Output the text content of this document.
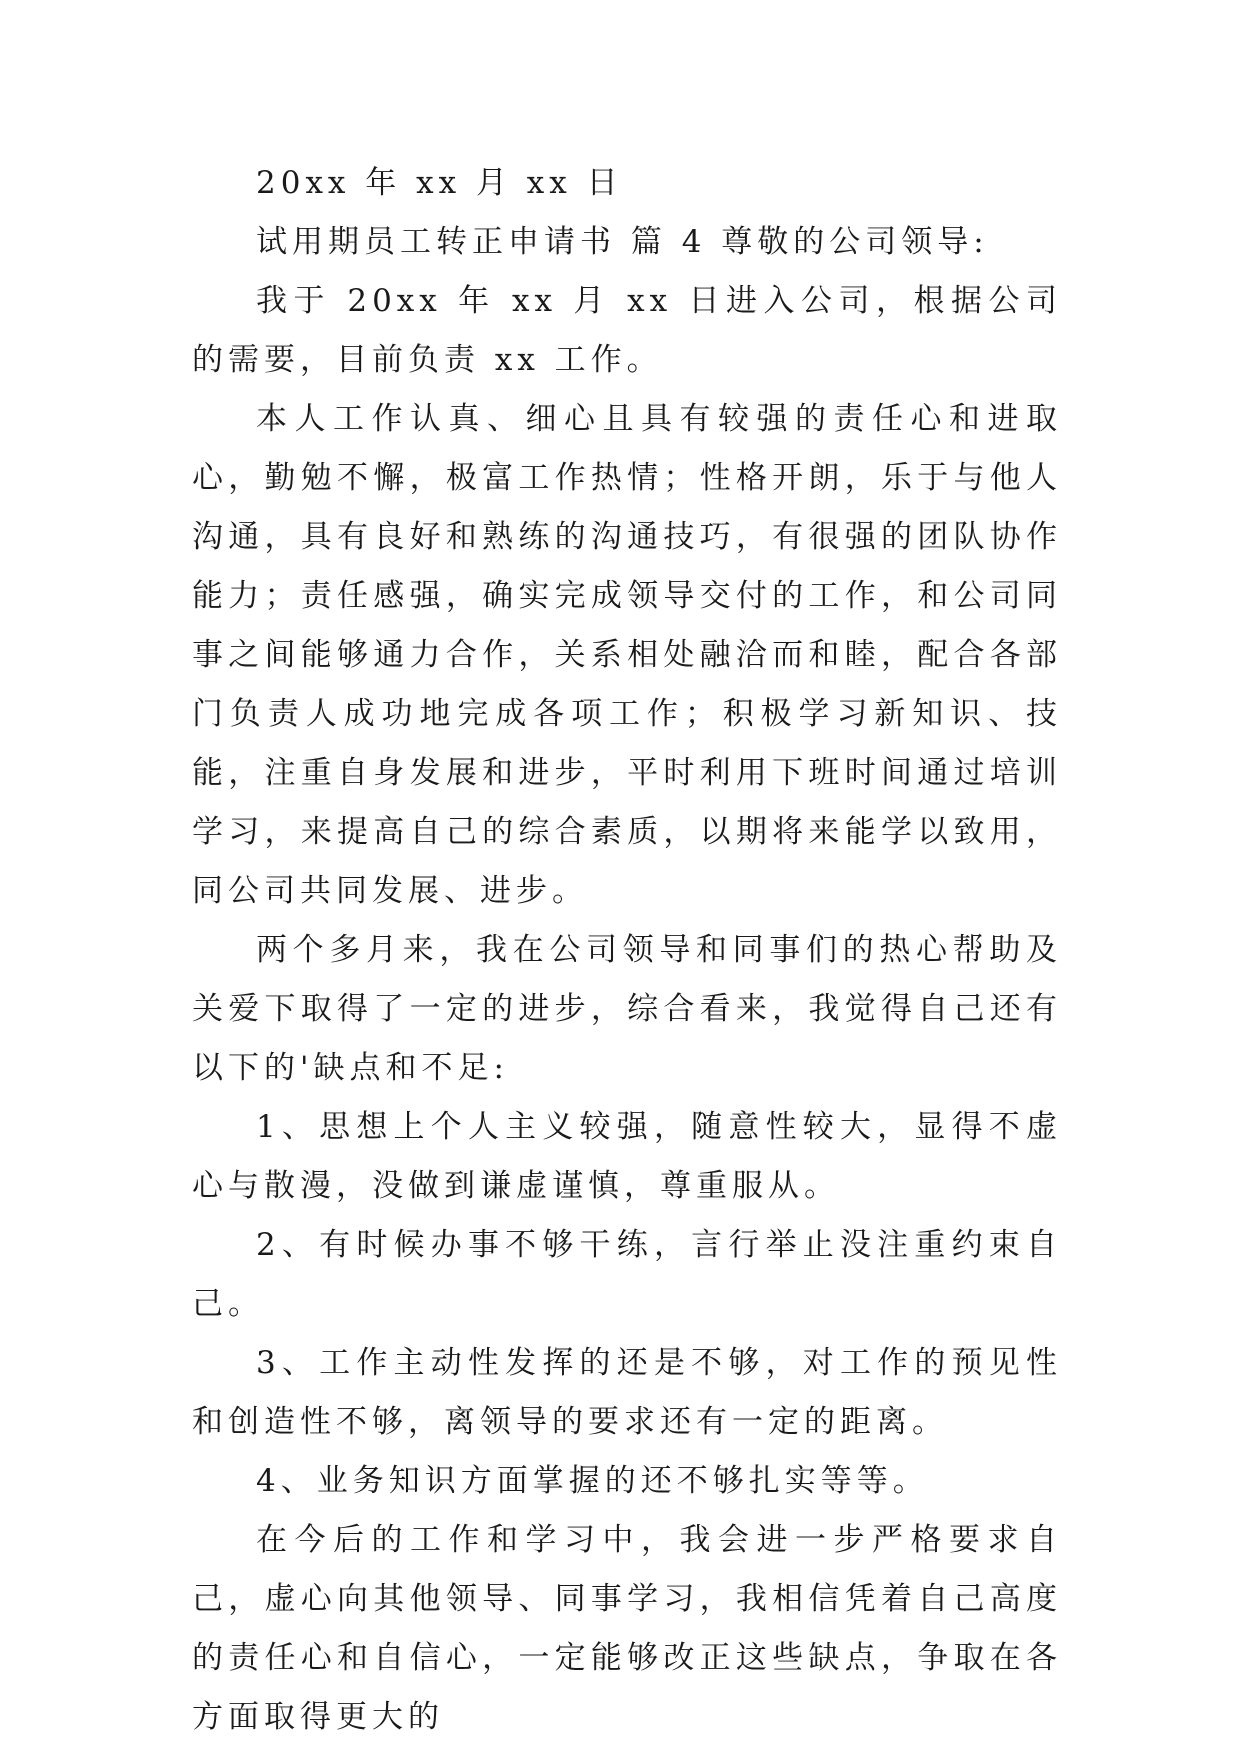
20xx 年 xx 月 xx 日

试用期员工转正申请书 篇 4 尊敬的公司领导:

我于 20xx 年 xx 月 xx 日进入公司，根据公司的需要，目前负责 xx 工作。

本人工作认真、细心且具有较强的责任心和进取心，勤勉不懈，极富工作热情；性格开朗，乐于与他人沟通，具有良好和熟练的沟通技巧，有很强的团队协作能力；责任感强，确实完成领导交付的工作，和公司同事之间能够通力合作，关系相处融洽而和睦，配合各部门负责人成功地完成各项工作；积极学习新知识、技能，注重自身发展和进步，平时利用下班时间通过培训学习，来提高自己的综合素质，以期将来能学以致用，同公司共同发展、进步。

两个多月来，我在公司领导和同事们的热心帮助及关爱下取得了一定的进步，综合看来，我觉得自己还有以下的'缺点和不足:

1、思想上个人主义较强，随意性较大，显得不虚心与散漫，没做到谦虚谨慎，尊重服从。

2、有时候办事不够干练，言行举止没注重约束自己。

3、工作主动性发挥的还是不够，对工作的预见性和创造性不够，离领导的要求还有一定的距离。

4、业务知识方面掌握的还不够扎实等等。

在今后的工作和学习中，我会进一步严格要求自己，虚心向其他领导、同事学习，我相信凭着自己高度的责任心和自信心，一定能够改正这些缺点，争取在各方面取得更大的
